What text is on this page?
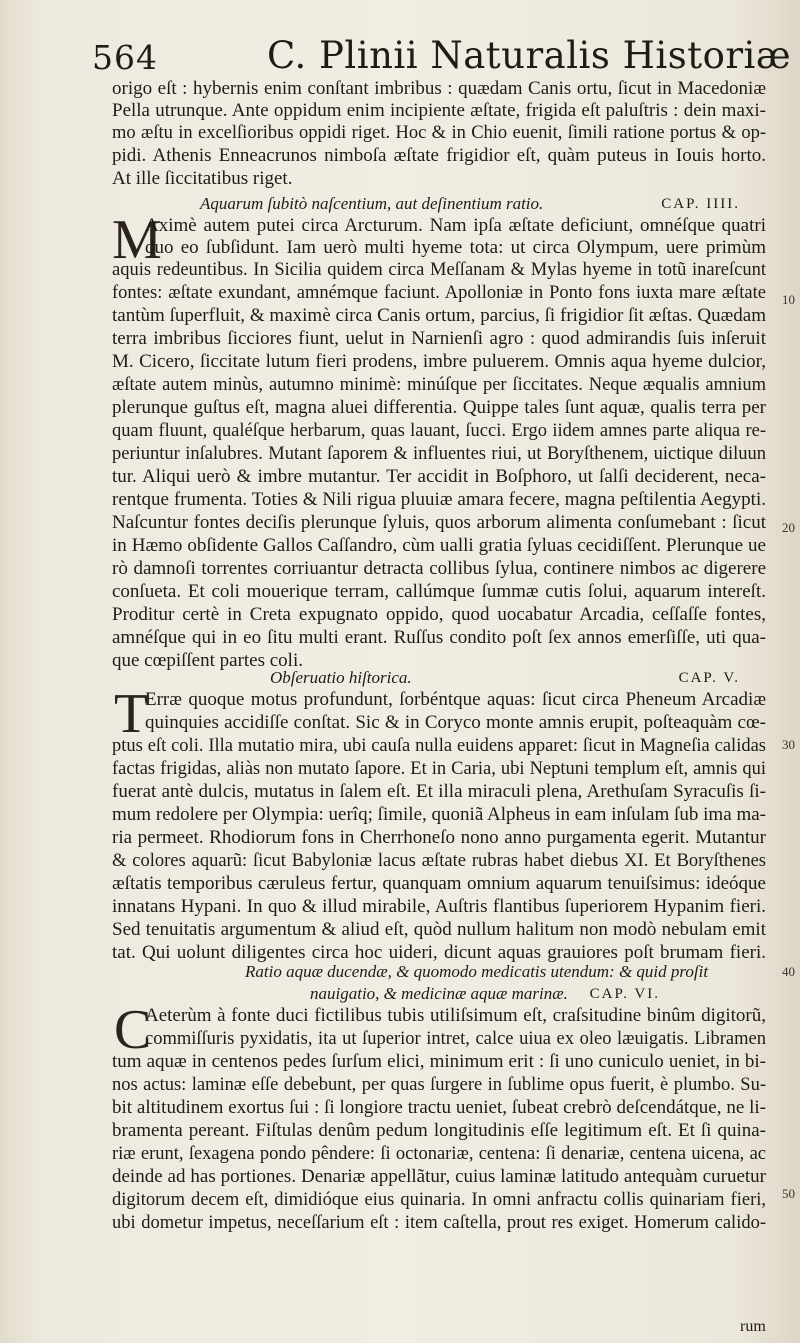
564	C. Plinii Naturalis Historiæ
origo eſt : hybernis enim conſtant imbribus : quædam Canis ortu, ſicut in Macedoniæ
Pella utrunque. Ante oppidum enim incipiente æſtate, frigida eſt paluſtris : dein maxi-
mo æſtu in excelſioribus oppidi riget. Hoc & in Chio euenit, ſimili ratione portus & op-
pidi. Athenis Enneacrunos nimboſa æſtate frigidior eſt, quàm puteus in Iouis horto.
At ille ſiccitatibus riget.
Aquarum ſubitò naſcentium, aut deſinentium ratio.	CAP. IIII.
M
Aximè autem putei circa Arcturum. Nam ipſa æſtate deficiunt, omnéſque quatri
duo eo ſubſidunt. Iam uerò multi hyeme tota: ut circa Olympum, uere primùm
aquis redeuntibus. In Sicilia quidem circa Meſſanam & Mylas hyeme in totũ inareſcunt
fontes: æſtate exundant, amnémque faciunt. Apolloniæ in Ponto fons iuxta mare æſtate
tantùm ſuperfluit, & maximè circa Canis ortum, parcius, ſi frigidior ſit æſtas. Quædam
terra imbribus ſicciores fiunt, uelut in Narnienſi agro : quod admirandis ſuis inſeruit
M. Cicero, ſiccitate lutum fieri prodens, imbre puluerem. Omnis aqua hyeme dulcior,
æſtate autem minùs, autumno minimè: minúſque per ſiccitates. Neque æqualis amnium
plerunque guſtus eſt, magna aluei differentia. Quippe tales ſunt aquæ, qualis terra per
quam fluunt, qualéſque herbarum, quas lauant, ſucci. Ergo iidem amnes parte aliqua re-
periuntur inſalubres. Mutant ſaporem & influentes riui, ut Boryſthenem, uictique diluun
tur. Aliqui uerò & imbre mutantur. Ter accidit in Boſphoro, ut ſalſi deciderent, neca-
rentque frumenta. Toties & Nili rigua pluuiæ amara fecere, magna peſtilentia Aegypti.
Naſcuntur fontes deciſis plerunque ſyluis, quos arborum alimenta conſumebant : ſicut
in Hæmo obſidente Gallos Caſſandro, cùm ualli gratia ſyluas cecidiſſent. Plerunque ue
rò damnoſi torrentes corriuantur detracta collibus ſylua, continere nimbos ac digerere
conſueta. Et coli mouerique terram, callúmque ſummæ cutis ſolui, aquarum intereſt.
Proditur certè in Creta expugnato oppido, quod uocabatur Arcadia, ceſſaſſe fontes,
amnéſque qui in eo ſitu multi erant. Ruſſus condito poſt ſex annos emerſiſſe, uti qua-
que cœpiſſent partes coli.
Obſeruatio hiſtorica.	CAP. V.
T
Erræ quoque motus profundunt, ſorbéntque aquas: ſicut circa Pheneum Arcadiæ
quinquies accidiſſe conſtat. Sic & in Coryco monte amnis erupit, poſteaquàm cœ-
ptus eſt coli. Illa mutatio mira, ubi cauſa nulla euidens apparet: ſicut in Magneſia calidas
factas frigidas, aliàs non mutato ſapore. Et in Caria, ubi Neptuni templum eſt, amnis qui
fuerat antè dulcis, mutatus in ſalem eſt. Et illa miraculi plena, Arethuſam Syracuſis ſi-
mum redolere per Olympia: uerîq; ſimile, quoniã Alpheus in eam inſulam ſub ima ma-
ria permeet. Rhodiorum fons in Cherrhoneſo nono anno purgamenta egerit. Mutantur
& colores aquarũ: ſicut Babyloniæ lacus æſtate rubras habet diebus XI. Et Boryſthenes
æſtatis temporibus cæruleus fertur, quanquam omnium aquarum tenuiſsimus: ideóque
innatans Hypani. In quo & illud mirabile, Auſtris flantibus ſuperiorem Hypanim fieri.
Sed tenuitatis argumentum & aliud eſt, quòd nullum halitum non modò nebulam emit
tat. Qui uolunt diligentes circa hoc uideri, dicunt aquas grauiores poſt brumam fieri.
Ratio aquæ ducendæ, & quomodo medicatis utendum: & quid proſit
nauigatio, & medicinæ aquæ marinæ. CAP. VI.
C
Aeterùm à fonte duci fictilibus tubis utiliſsimum eſt, craſsitudine binûm digitorũ,
commiſſuris pyxidatis, ita ut ſuperior intret, calce uiua ex oleo læuigatis. Libramen
tum aquæ in centenos pedes ſurſum elici, minimum erit : ſi uno cuniculo ueniet, in bi-
nos actus: laminæ eſſe debebunt, per quas ſurgere in ſublime opus fuerit, è plumbo. Su-
bit altitudinem exortus ſui : ſi longiore tractu ueniet, ſubeat crebrò deſcendátque, ne li-
bramenta pereant. Fiſtulas denûm pedum longitudinis eſſe legitimum eſt. Et ſi quina-
riæ erunt, ſexagena pondo pêndere: ſi octonariæ, centena: ſi denariæ, centena uicena, ac
deinde ad has portiones. Denariæ appellãtur, cuius laminæ latitudo antequàm curuetur
digitorum decem eſt, dimidióque eius quinaria. In omni anfractu collis quinariam fieri,
ubi dometur impetus, neceſſarium eſt : item caſtella, prout res exiget. Homerum calido-
10
20
30
40
50
rum
